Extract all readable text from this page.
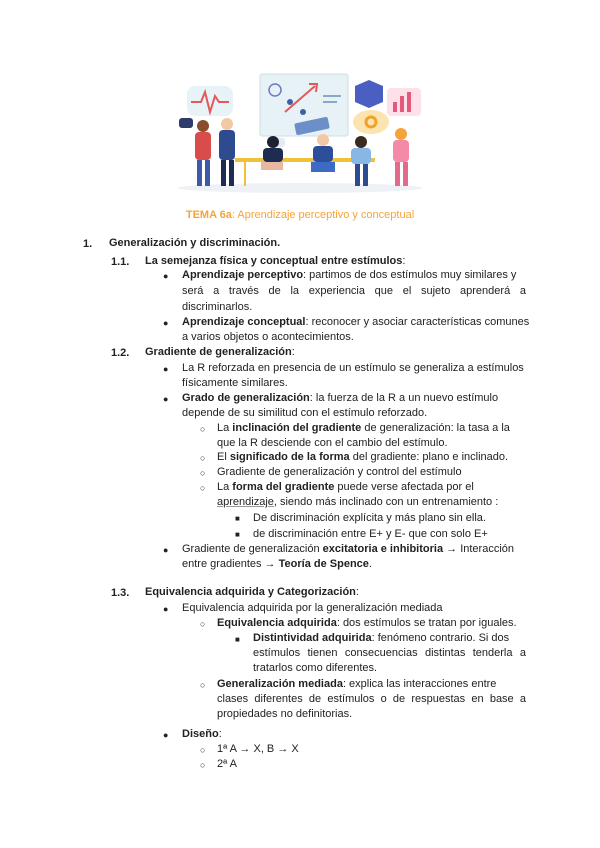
TEMA 6a: Aprendizaje perceptivo y conceptual
1. Generalización y discriminación.
1.1. La semejanza física y conceptual entre estímulos:
● Aprendizaje perceptivo: partimos de dos estímulos muy similares y
será a través de la experiencia que el sujeto aprenderá a
discriminarlos.
● Aprendizaje conceptual: reconocer y asociar características comunes
a varios objetos o acontecimientos.
1.2. Gradiente de generalización:
● La R reforzada en presencia de un estímulo se generaliza a estímulos
físicamente similares.
● Grado de generalización: la fuerza de la R a un nuevo estímulo
depende de su similitud con el estímulo reforzado.
○ La inclinación del gradiente de generalización: la tasa a la
que la R desciende con el cambio del estímulo.
○ El significado de la forma del gradiente: plano e inclinado.
○ Gradiente de generalización y control del estímulo
○ La forma del gradiente puede verse afectada por el
aprendizaje, siendo más inclinado con un entrenamiento :
■ De discriminación explícita y más plano sin ella.
■ de discriminación entre E+ y E- que con solo E+
● Gradiente de generalización excitatoria e inhibitoria → Interacción
entre gradientes → Teoría de Spence.
1.3. Equivalencia adquirida y Categorización:
● Equivalencia adquirida por la generalización mediada
○ Equivalencia adquirida: dos estímulos se tratan por iguales.
■ Distintividad adquirida: fenómeno contrario. Si dos
estímulos tienen consecuencias distintas tenderla a
tratarlos como diferentes.
○ Generalización mediada: explica las interacciones entre
clases diferentes de estímulos o de respuestas en base a
propiedades no definitorias.
● Diseño:
○ 1ª A → X, B → X
○ 2ª A
